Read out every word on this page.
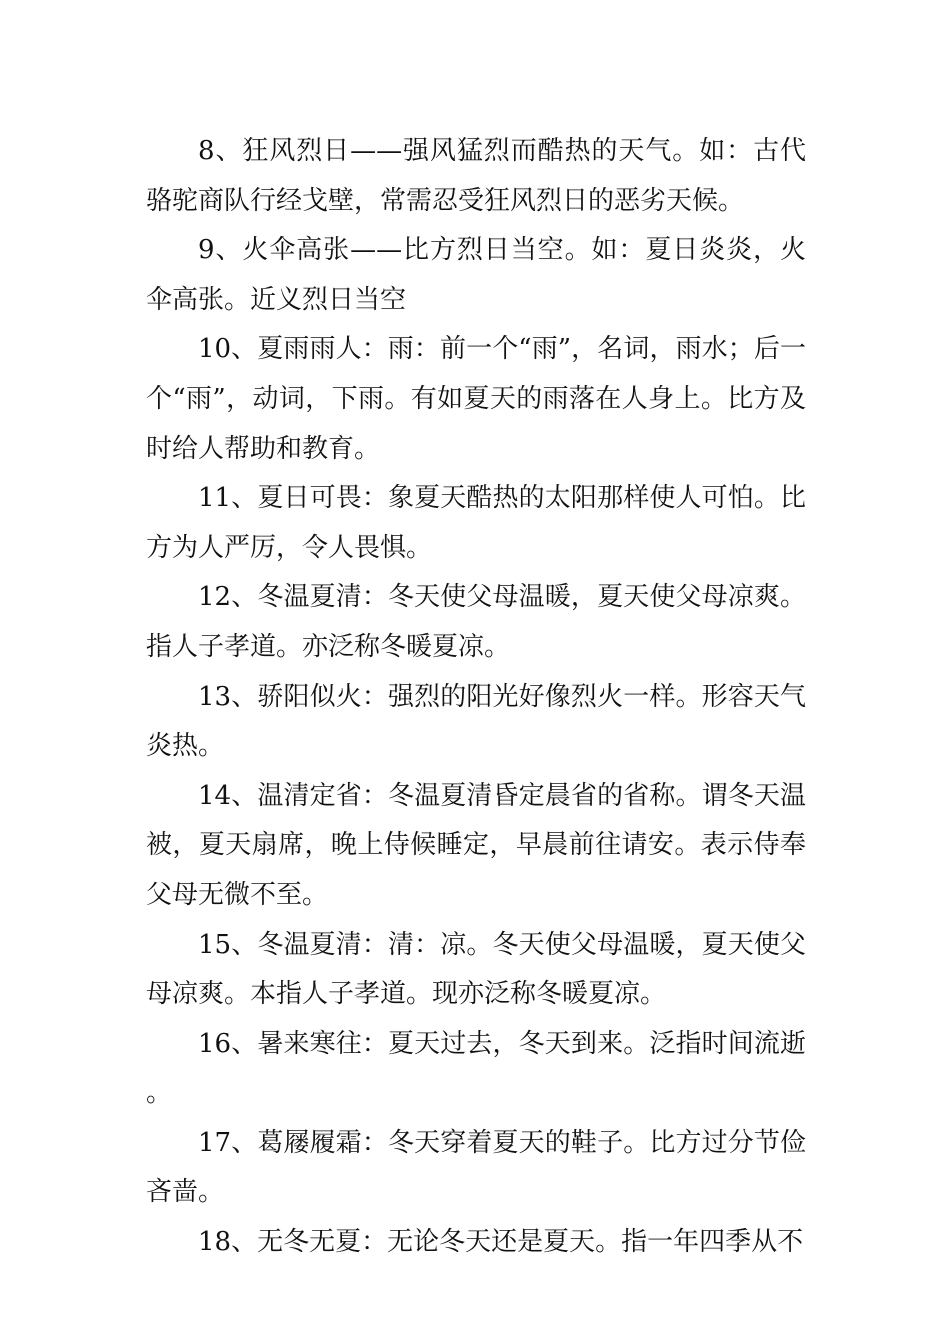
8、狂风烈日——强风猛烈而酷热的天气。如：古代骆驼商队行经戈壁，常需忍受狂风烈日的恶劣天候。

9、火伞高张——比方烈日当空。如：夏日炎炎，火伞高张。近义烈日当空

10、夏雨雨人：雨：前一个“雨”，名词，雨水；后一个“雨”，动词，下雨。有如夏天的雨落在人身上。比方及时给人帮助和教育。

11、夏日可畏：象夏天酷热的太阳那样使人可怕。比方为人严厉，令人畏惧。

12、冬温夏清：冬天使父母温暖，夏天使父母凉爽。指人子孝道。亦泛称冬暖夏凉。

13、骄阳似火：强烈的阳光好像烈火一样。形容天气炎热。

14、温清定省：冬温夏清昏定晨省的省称。谓冬天温被，夏天扇席，晚上侍候睡定，早晨前往请安。表示侍奉父母无微不至。

15、冬温夏清：清：凉。冬天使父母温暖，夏天使父母凉爽。本指人子孝道。现亦泛称冬暖夏凉。

16、暑来寒往：夏天过去，冬天到来。泛指时间流逝。

17、葛屦履霜：冬天穿着夏天的鞋子。比方过分节俭吝啬。

18、无冬无夏：无论冬天还是夏天。指一年四季从不
